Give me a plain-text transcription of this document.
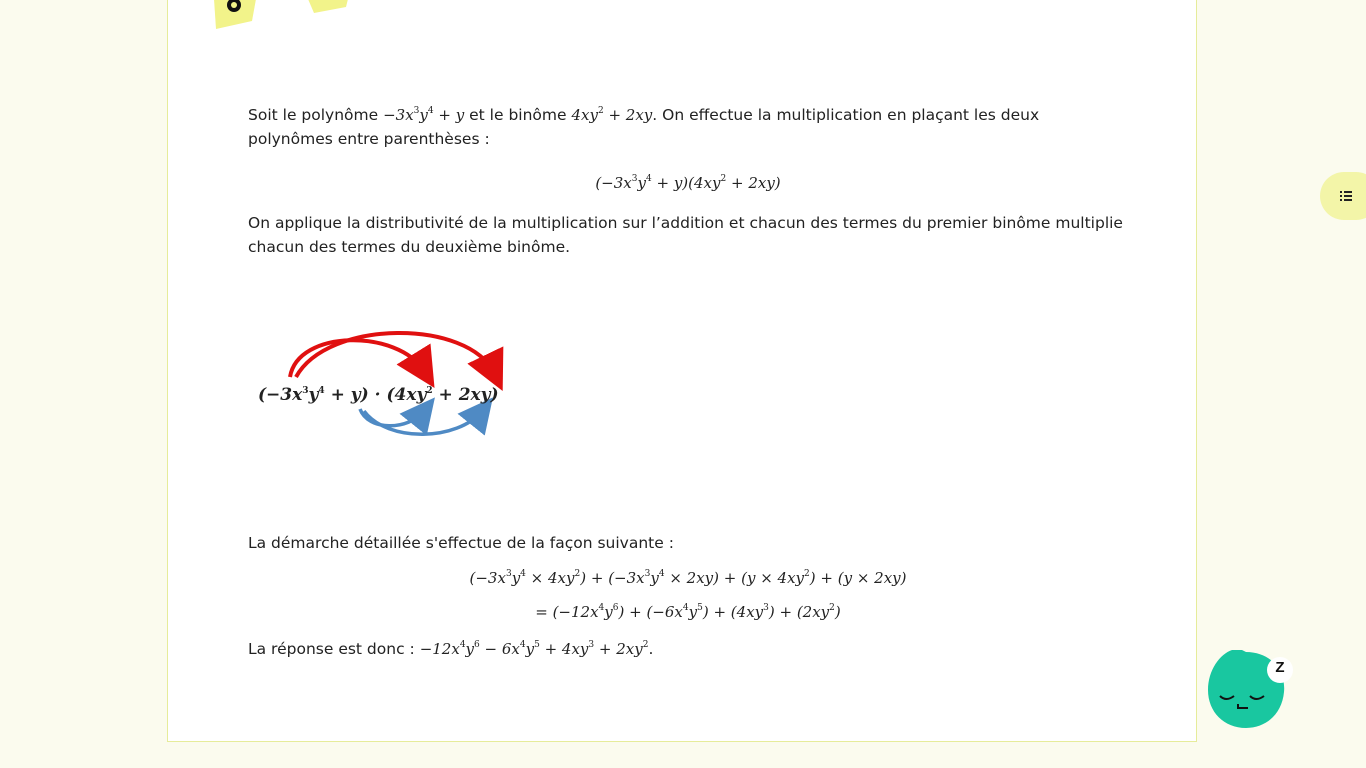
Soit le polynôme $-3x^3y^4 + y$ et le binôme $4xy^2 + 2xy$. On effectue la multiplication en plaçant les deux polynômes entre parenthèses :

$(-3x^3y^4 + y)(4xy^2 + 2xy)$

On applique la distributivité de la multiplication sur l’addition et chacun des termes du premier binôme multiplie chacun des termes du deuxième binôme.

$(-3x^3y^4 + y) \cdot (4xy^2 + 2xy)$

La démarche détaillée s'effectue de la façon suivante :

$(-3x^3y^4 \times 4xy^2) + (-3x^3y^4 \times 2xy) + (y \times 4xy^2) + (y \times 2xy)$
= $(-12x^4y^6) + (-6x^4y^5) + (4xy^3) + (2xy^2)$

La réponse est donc : $-12x^4y^6 - 6x^4y^5 + 4xy^3 + 2xy^2$.

Z
